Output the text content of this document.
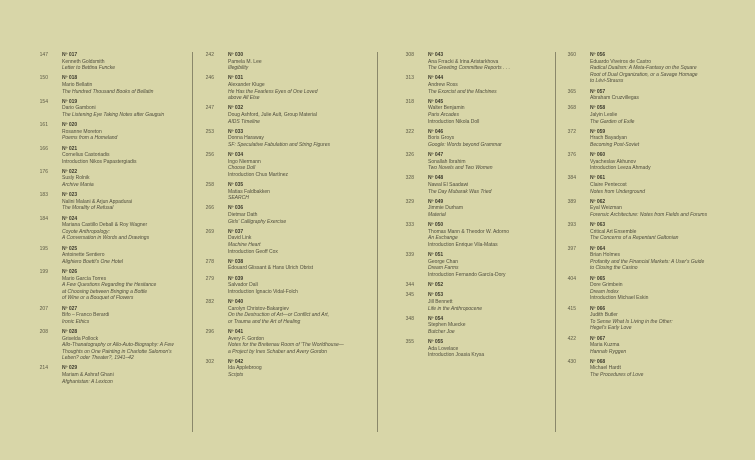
147	Nº 017
Kenneth Goldsmith
Letter to Bettina Funcke
150	Nº 018
Mario Bellatin
The Hundred Thousand Books of Bellatin
154	Nº 019
Dario Gamboni
The Listening Eye Taking Notes after Gauguin
161	Nº 020
Rosanne Moreton
Poems from a Homeland
166	Nº 021
Cornelius Castoriadis
Introduction Nikos Papastergiadis
176	Nº 022
Susly Rolnik
Archive Mania
183	Nº 023
Nalini Malani & Arjun Appadurai
The Morality of Refusal
184	Nº 024
Mariana Castillo Deball & Roy Wagner
Coyote Anthropology:
A Conversation in Words and Drawings
195	Nº 025
Antoinette Sentiero
Alighiero Boetti's One Hotel
199	Nº 026
Mario García Torres
A Few Questions Regarding the Hesitance
at Choosing between Bringing a Bottle
of Wine or a Bouquet of Flowers
207	Nº 027
Bifo – Franco Berardi
Ironic Ethics
208	Nº 028
Griselda Pollock
Allo-Thanatography or Allo-Auto-Biography: A Few
Thoughts on One Painting in Charlotte Salomon's
Leben? oder Theater?, 1941–42
214	Nº 029
Mariam & Ashraf Ghani
Afghanistan: A Lexicon
242	Nº 030
Pamela M. Lee
Illegibility
246	Nº 031
Alexander Kluge
He Has the Fearless Eyes of One Loved
above All Else
247	Nº 032
Doug Ashford, Julie Ault, Group Material
AIDS Timeline
253	Nº 033
Donna Haraway
SF: Speculative Fabulation and String Figures
256	Nº 034
Ingo Niermann
Choose Doll
Introduction Chus Martínez
258	Nº 035
Matias Faldbakken
SEARCH
266	Nº 036
Dietmar Dath
Girls' Calligraphy Exercise
269	Nº 037
David Link
Machine Heart
Introduction Geoff Cox
278	Nº 038
Édouard Glissant & Hans Ulrich Obrist
279	Nº 039
Salvador Dalí
Introduction Ignacio Vidal-Folch
282	Nº 040
Carolyn Christov-Bakargiev
On the Destruction of Art—or Conflict and Art,
or Trauma and the Art of Healing
296	Nº 041
Avery F. Gordon
Notes for the Breitenau Room of 'The Worldhouse—
a Project by Ines Schaber and Avery Gordon
302	Nº 042
Ida Applebroog
Scripts
308	Nº 043
Ana Frracki & Irina Aristarkhova
The Greeting Committee Reports . . .
313	Nº 044
Andrew Ross
The Exorcist and the Machines
318	Nº 045
Walter Benjamin
Paris Arcades
Introduction Nikola Doll
322	Nº 046
Boris Groys
Google: Words beyond Grammar
326	Nº 047
Sonallah Ibrahim
Two Novels and Two Women
328	Nº 048
Nawal El Saadawi
The Day Mubarak Was Tried
329	Nº 049
Jimmie Durham
Material
333	Nº 050
Thomas Mann & Theodor W. Adorno
An Exchange
Introduction Enrique Vila-Matas
339	Nº 051
George Chan
Dream Farms
Introduction Fernando García-Dory
344	Nº 052
345	Nº 053
Jill Bennett
Life in the Anthropocene
348	Nº 054
Stephen Muecke
Butcher Joe
355	Nº 055
Ada Lovelace
Introduction Joasia Krysa
360	Nº 056
Eduardo Viveiros de Castro
Radical Dualism: A Meta-Fantasy on the Square
Root of Dual Organization, or a Savage Homage
to Lévi-Strauss
365	Nº 057
Abraham Cruzvillegas
368	Nº 058
Jalyin Leslie
The Garden of Exile
372	Nº 059
Hrach Bayadyan
Becoming Post-Soviet
376	Nº 060
Vyacheslav Akhunov
Introduction Leeza Ahmady
384	Nº 061
Claire Pentecost
Notes from Underground
389	Nº 062
Eyal Weizman
Forensic Architecture: Notes from Fields and Forums
393	Nº 063
Critical Art Ensemble
The Concerns of a Repentant Galtonian
397	Nº 064
Brian Holmes
Profanity and the Financial Markets: A User's Guide
to Closing the Casino
404	Nº 065
Dore Grimbein
Dream Index
Introduction Michael Eskin
415	Nº 066
Judith Butler
To Sense What Is Living in the Other:
Hegel's Early Love
422	Nº 067
Maria Kuzma
Hannah Ryggen
430	Nº 068
Michael Hardt
The Procedures of Love
